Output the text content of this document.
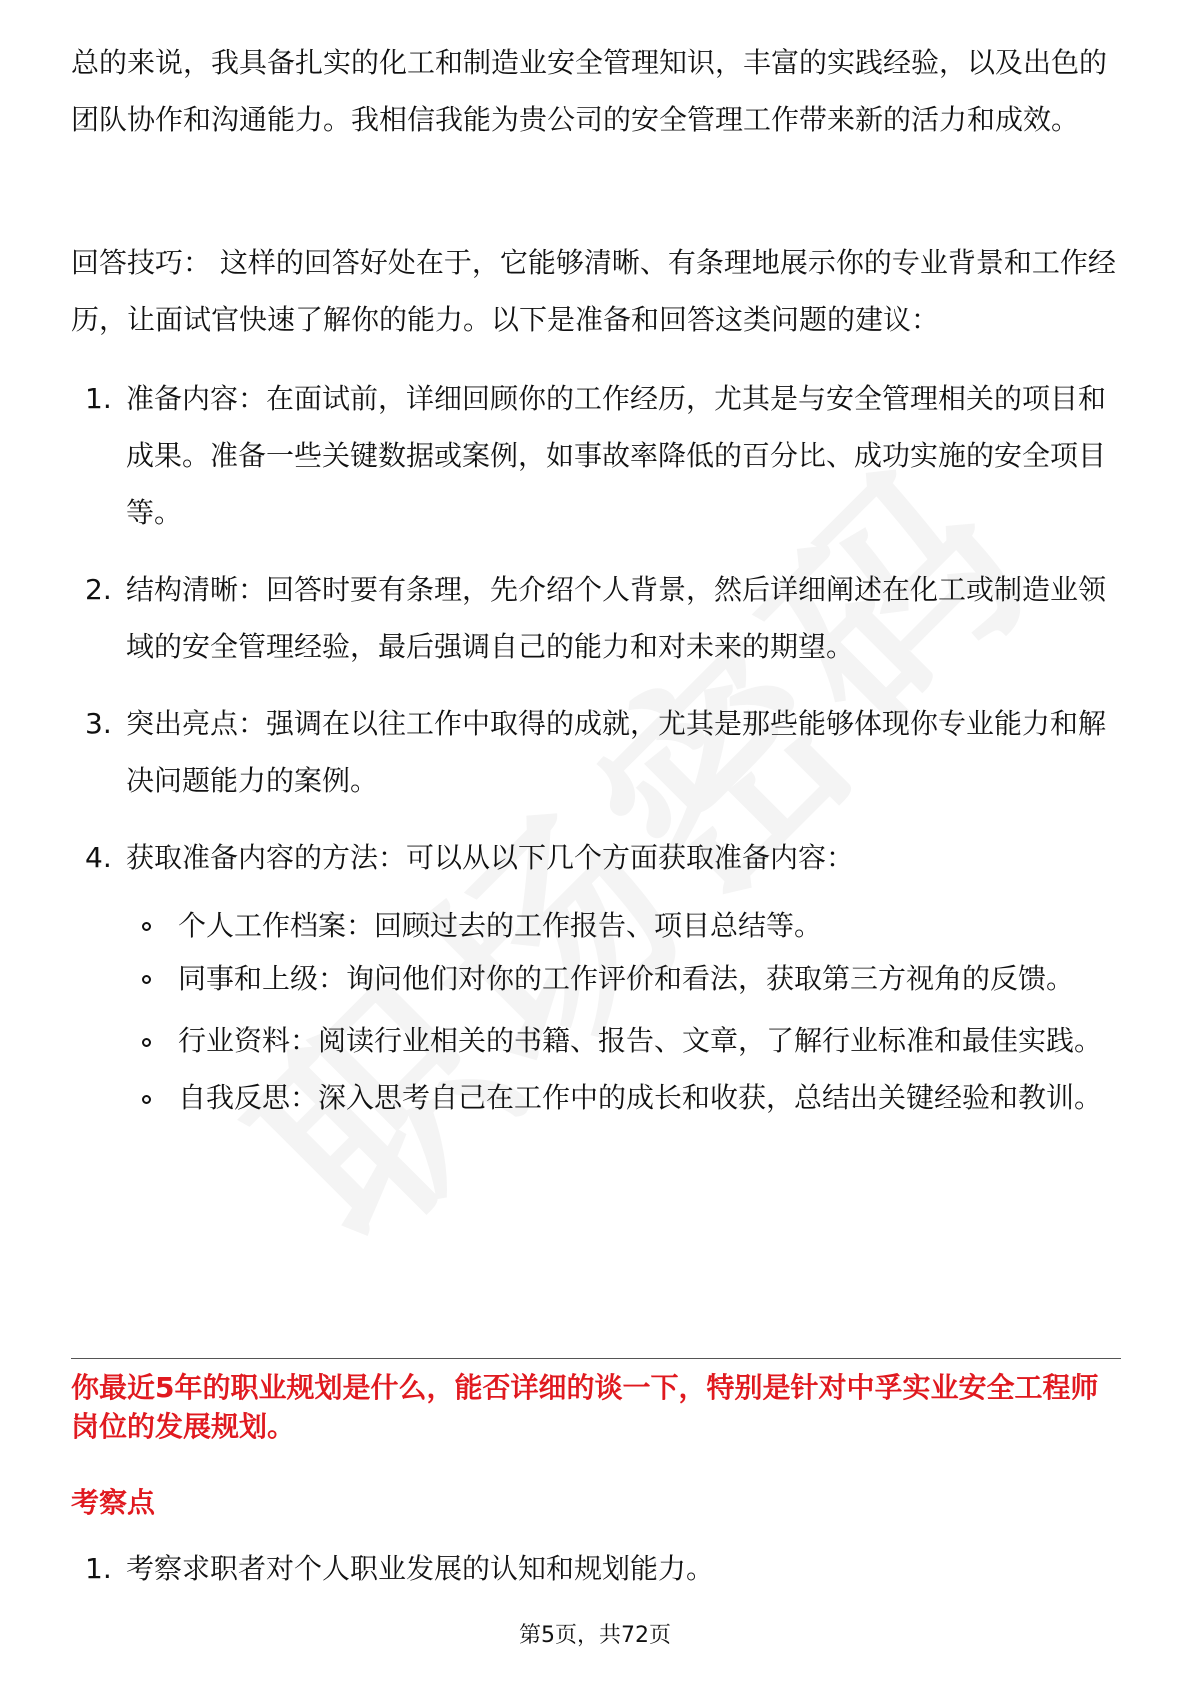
总的来说，我具备扎实的化工和制造业安全管理知识，丰富的实践经验，以及出色的团队协作和沟通能力。我相信我能为贵公司的安全管理工作带来新的活力和成效。

回答技巧： 这样的回答好处在于，它能够清晰、有条理地展示你的专业背景和工作经历，让面试官快速了解你的能力。以下是准备和回答这类问题的建议：

1. 准备内容：在面试前，详细回顾你的工作经历，尤其是与安全管理相关的项目和成果。准备一些关键数据或案例，如事故率降低的百分比、成功实施的安全项目等。
2. 结构清晰：回答时要有条理，先介绍个人背景，然后详细阐述在化工或制造业领域的安全管理经验，最后强调自己的能力和对未来的期望。
3. 突出亮点：强调在以往工作中取得的成就，尤其是那些能够体现你专业能力和解决问题能力的案例。
4. 获取准备内容的方法：可以从以下几个方面获取准备内容：
个人工作档案：回顾过去的工作报告、项目总结等。
同事和上级：询问他们对你的工作评价和看法，获取第三方视角的反馈。
行业资料：阅读行业相关的书籍、报告、文章，了解行业标准和最佳实践。
自我反思：深入思考自己在工作中的成长和收获，总结出关键经验和教训。

你最近5年的职业规划是什么，能否详细的谈一下，特别是针对中孚实业安全工程师岗位的发展规划。

考察点

1. 考察求职者对个人职业发展的认知和规划能力。
第5页，共72页
